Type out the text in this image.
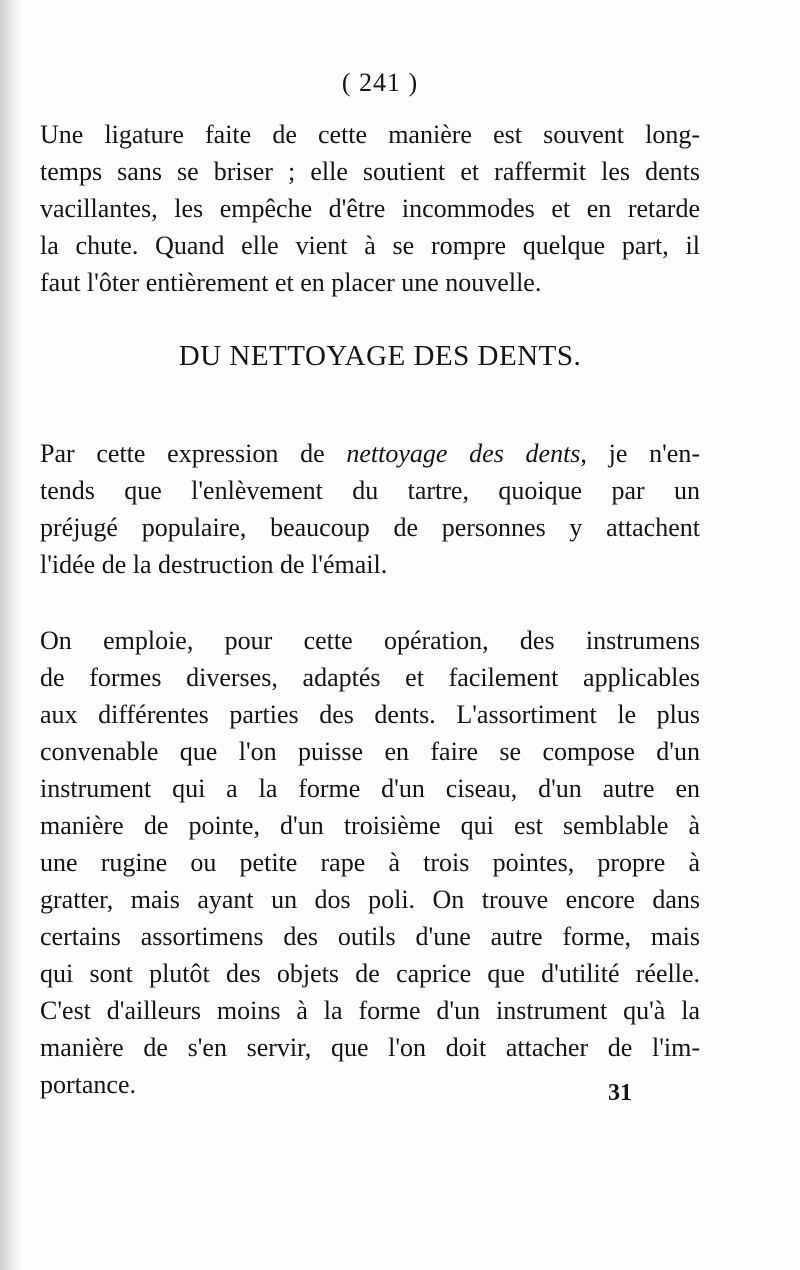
( 241 )
Une ligature faite de cette manière est souvent long-
temps sans se briser ; elle soutient et raffermit les dents
vacillantes, les empêche d'être incommodes et en retarde
la chute. Quand elle vient à se rompre quelque part, il
faut l'ôter entièrement et en placer une nouvelle.
DU NETTOYAGE DES DENTS.
Par cette expression de nettoyage des dents, je n'en-
tends que l'enlèvement du tartre, quoique par un
préjugé populaire, beaucoup de personnes y attachent
l'idée de la destruction de l'émail.
On emploie, pour cette opération, des instrumens
de formes diverses, adaptés et facilement applicables
aux différentes parties des dents. L'assortiment le plus
convenable que l'on puisse en faire se compose d'un
instrument qui a la forme d'un ciseau, d'un autre en
manière de pointe, d'un troisième qui est semblable à
une rugine ou petite rape à trois pointes, propre à
gratter, mais ayant un dos poli. On trouve encore dans
certains assortimens des outils d'une autre forme, mais
qui sont plutôt des objets de caprice que d'utilité réelle.
C'est d'ailleurs moins à la forme d'un instrument qu'à la
manière de s'en servir, que l'on doit attacher de l'im-
portance.	31
